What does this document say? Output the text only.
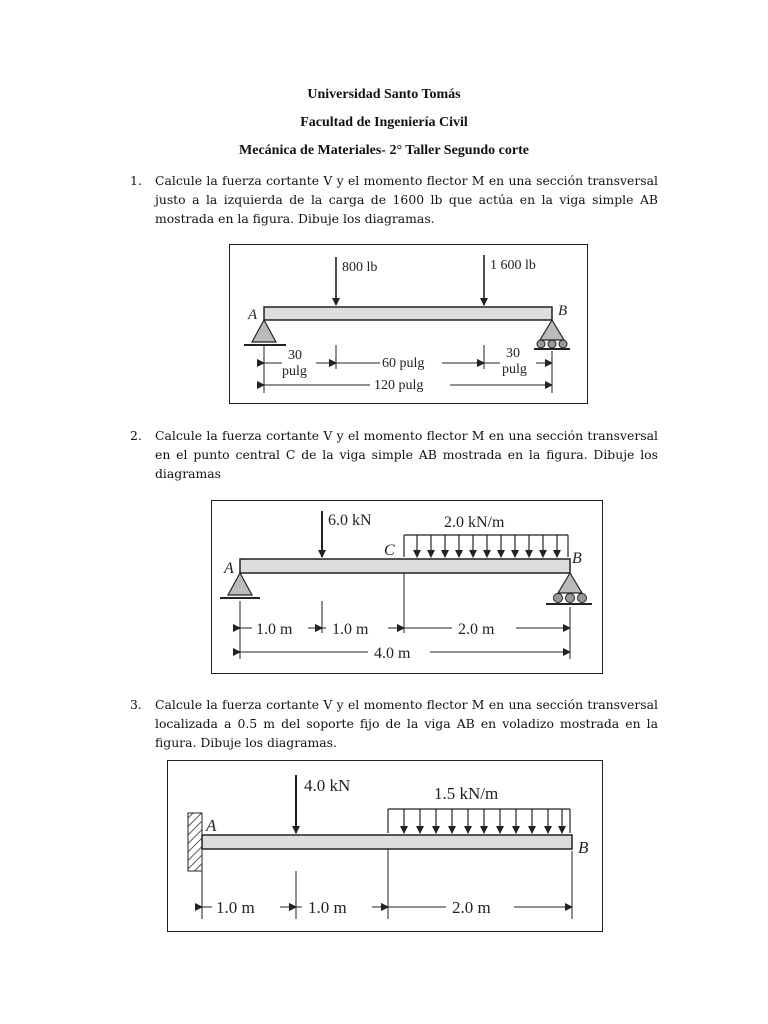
Universidad Santo Tomás
Facultad de Ingeniería Civil
Mecánica de Materiales- 2° Taller Segundo corte
1. Calcule la fuerza cortante V y el momento flector M en una sección transversal justo a la izquierda de la carga de 1600 lb que actúa en la viga simple AB mostrada en la figura. Dibuje los diagramas.
A	B
800 lb	1 600 lb
30
pulg
60 pulg
30
pulg
120 pulg
2. Calcule la fuerza cortante V y el momento flector M en una sección transversal en el punto central C de la viga simple AB mostrada en la figura. Dibuje los diagramas
A
B
6.0 kN	2.0 kN/m
C
1.0 m 1.0 m	2.0 m
4.0 m
3. Calcule la fuerza cortante V y el momento flector M en una sección transversal localizada a 0.5 m del soporte fijo de la viga AB en voladizo mostrada en la figura. Dibuje los diagramas.
A
B
4.0 kN	1.5 kN/m
1.0 m	1.0 m	2.0 m
